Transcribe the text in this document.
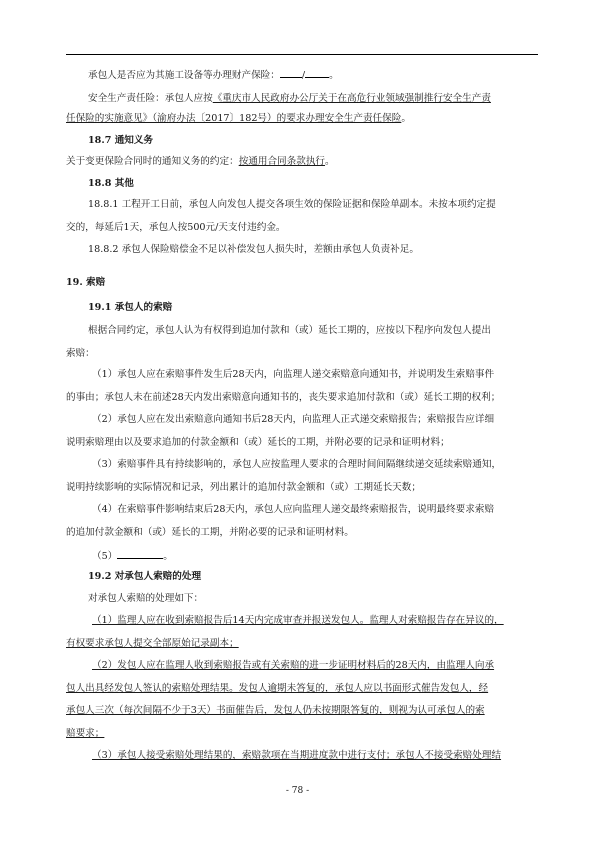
承包人是否应为其施工设备等办理财产保险： /	。
安全生产责任险：承包人应按《重庆市人民政府办公厅关于在高危行业领域强制推行安全生产责
任保险的实施意见》（渝府办法〔2017〕182号）的要求办理安全生产责任保险。
18.7 通知义务
关于变更保险合同时的通知义务的约定：按通用合同条款执行。
18.8 其他
18.8.1 工程开工日前，承包人向发包人提交各项生效的保险证据和保险单副本。未按本项约定提
交的，每延后1天，承包人按500元/天支付违约金。
18.8.2 承包人保险赔偿金不足以补偿发包人损失时，差额由承包人负责补足。
19. 索赔
19.1 承包人的索赔
根据合同约定，承包人认为有权得到追加付款和（或）延长工期的，应按以下程序向发包人提出
索赔：
（1）承包人应在索赔事件发生后28天内，向监理人递交索赔意向通知书，并说明发生索赔事件
的事由；承包人未在前述28天内发出索赔意向通知书的，丧失要求追加付款和（或）延长工期的权利；
（2）承包人应在发出索赔意向通知书后28天内，向监理人正式递交索赔报告；索赔报告应详细
说明索赔理由以及要求追加的付款金额和（或）延长的工期，并附必要的记录和证明材料；
（3）索赔事件具有持续影响的，承包人应按监理人要求的合理时间间隔继续递交延续索赔通知，
说明持续影响的实际情况和记录，列出累计的追加付款金额和（或）工期延长天数；
（4）在索赔事件影响结束后28天内，承包人应向监理人递交最终索赔报告，说明最终要求索赔
的追加付款金额和（或）延长的工期，并附必要的记录和证明材料。
（5）	。
19.2 对承包人索赔的处理
对承包人索赔的处理如下：
（1）监理人应在收到索赔报告后14天内完成审查并报送发包人。监理人对索赔报告存在异议的，
有权要求承包人提交全部原始记录副本；
（2）发包人应在监理人收到索赔报告或有关索赔的进一步证明材料后的28天内，由监理人向承
包人出具经发包人签认的索赔处理结果。发包人逾期未答复的，承包人应以书面形式催告发包人，经
承包人三次（每次间隔不少于3天）书面催告后，发包人仍未按期限答复的，则视为认可承包人的索
赔要求；
（3）承包人接受索赔处理结果的，索赔款项在当期进度款中进行支付；承包人不接受索赔处理结
- 78 -
